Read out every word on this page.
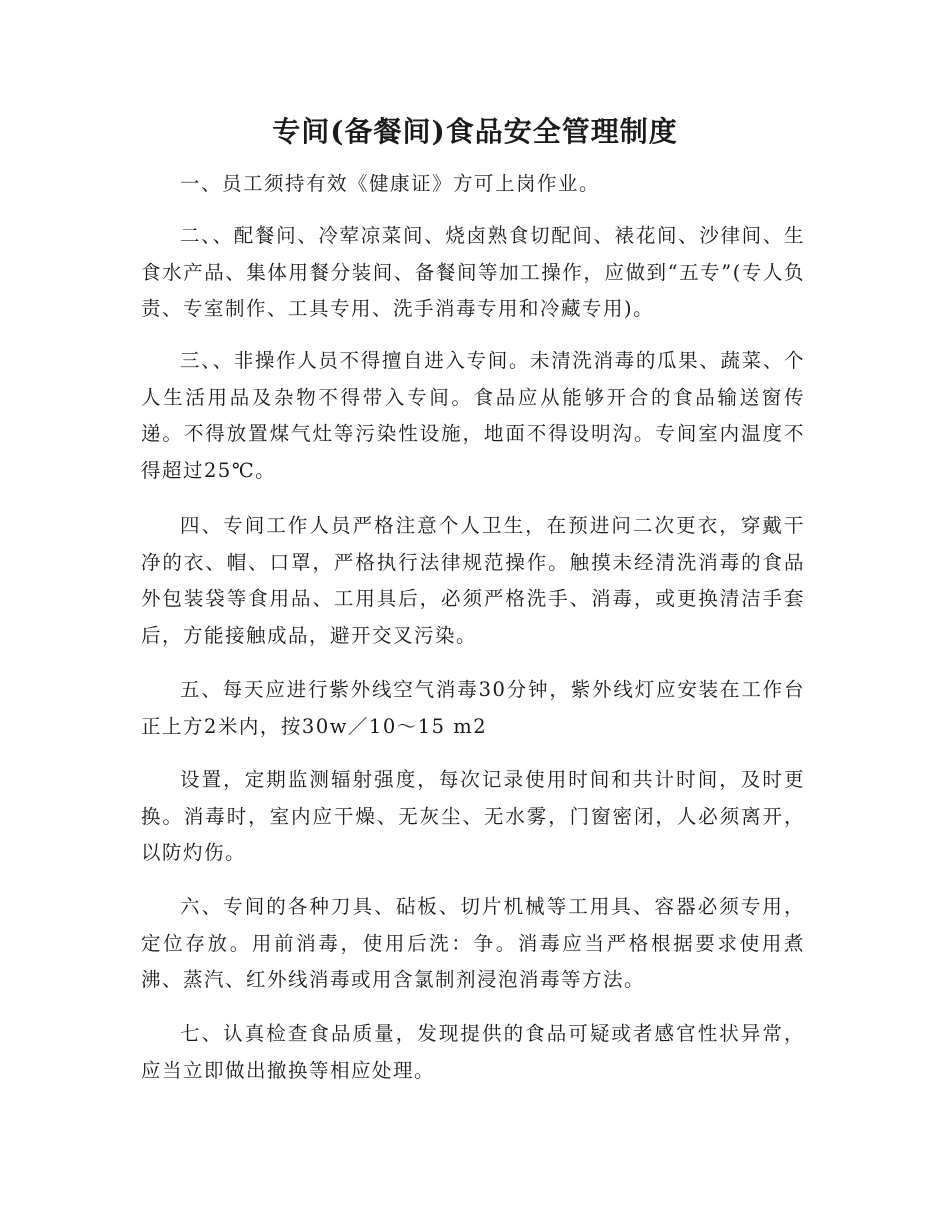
专间(备餐间)食品安全管理制度

一、员工须持有效《健康证》方可上岗作业。

二、、配餐问、冷荤凉菜间、烧卤熟食切配间、裱花间、沙律间、生食水产品、集体用餐分装间、备餐间等加工操作，应做到“五专”(专人负责、专室制作、工具专用、洗手消毒专用和冷藏专用)。

三、、非操作人员不得擅自进入专间。未清洗消毒的瓜果、蔬菜、个人生活用品及杂物不得带入专间。食品应从能够开合的食品输送窗传递。不得放置煤气灶等污染性设施，地面不得设明沟。专间室内温度不得超过25℃。

四、专间工作人员严格注意个人卫生，在预进问二次更衣，穿戴干净的衣、帽、口罩，严格执行法律规范操作。触摸未经清洗消毒的食品外包装袋等食用品、工用具后，必须严格洗手、消毒，或更换清洁手套后，方能接触成品，避开交叉污染。

五、每天应进行紫外线空气消毒30分钟，紫外线灯应安装在工作台正上方2米内，按30w／10～15 m2

设置，定期监测辐射强度，每次记录使用时间和共计时间，及时更换。消毒时，室内应干燥、无灰尘、无水雾，门窗密闭，人必须离开，以防灼伤。

六、专间的各种刀具、砧板、切片机械等工用具、容器必须专用，定位存放。用前消毒，使用后洗：争。消毒应当严格根据要求使用煮沸、蒸汽、红外线消毒或用含氯制剂浸泡消毒等方法。

七、认真检查食品质量，发现提供的食品可疑或者感官性状异常，应当立即做出撤换等相应处理。
